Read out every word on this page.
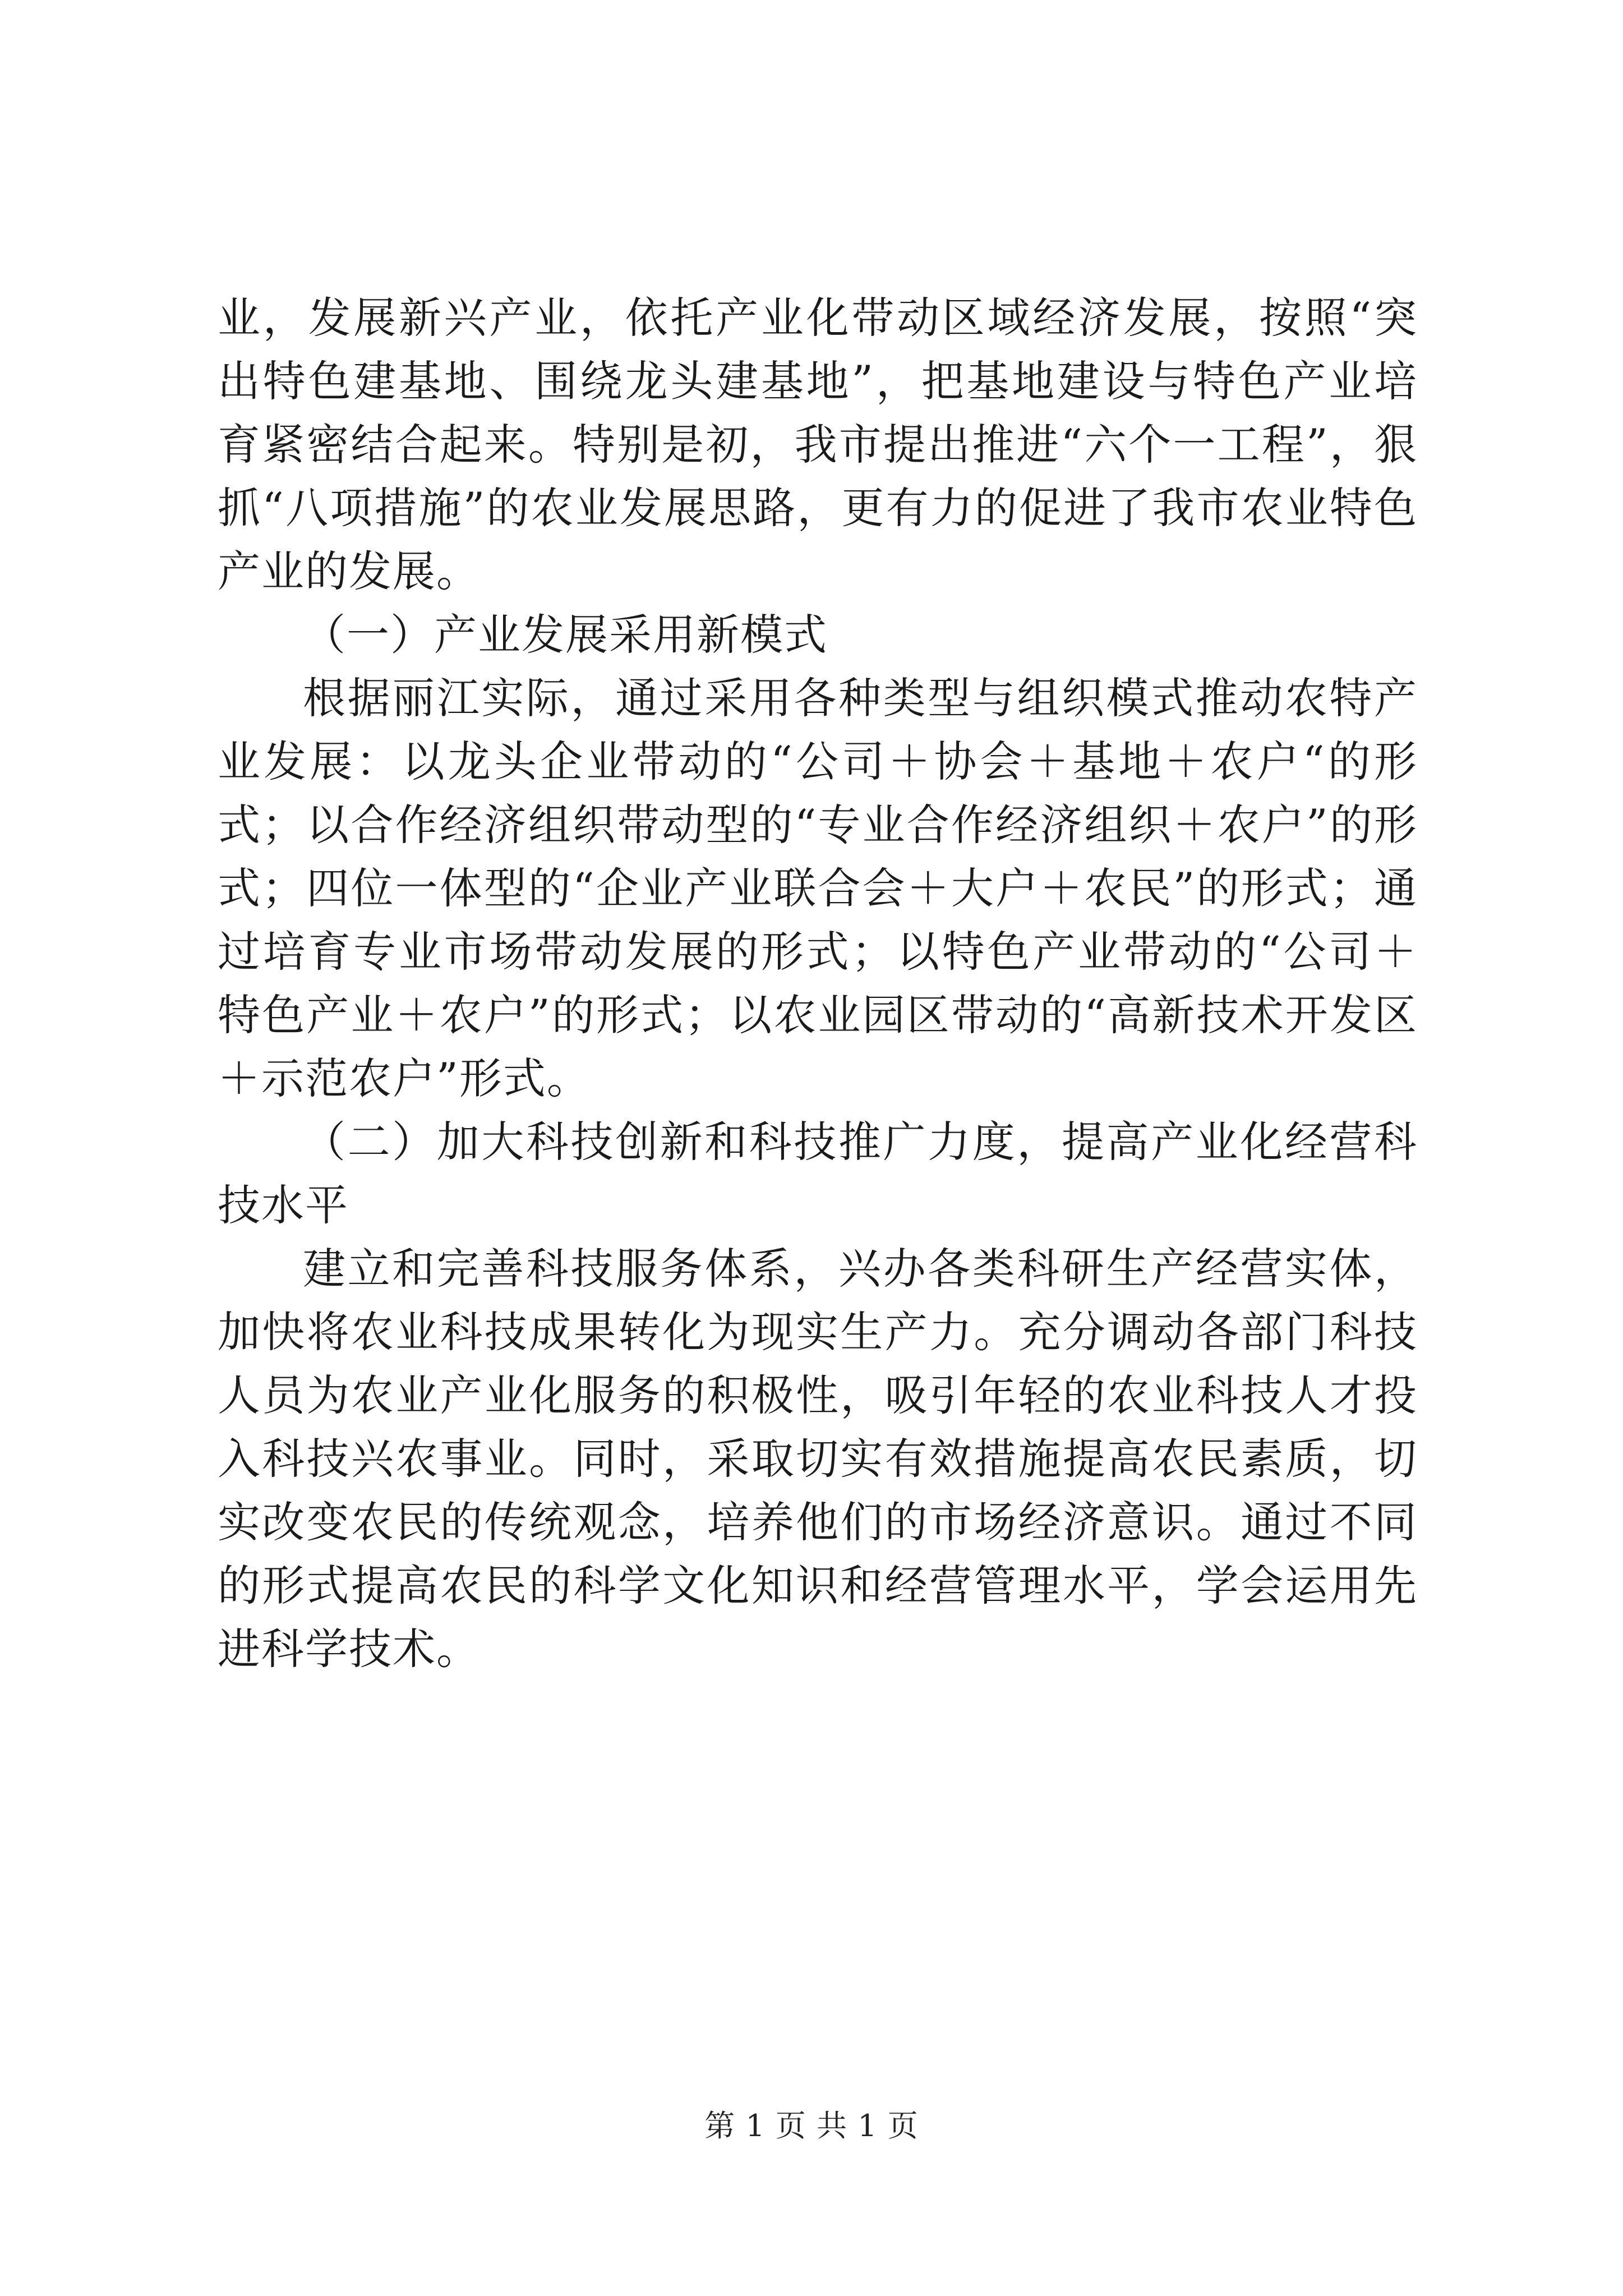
业，发展新兴产业，依托产业化带动区域经济发展，按照“突出特色建基地、围绕龙头建基地”，把基地建设与特色产业培育紧密结合起来。特别是初，我市提出推进“六个一工程”，狠抓“八项措施”的农业发展思路，更有力的促进了我市农业特色产业的发展。

（一）产业发展采用新模式

根据丽江实际，通过采用各种类型与组织模式推动农特产业发展：以龙头企业带动的“公司＋协会＋基地＋农户“的形式；以合作经济组织带动型的“专业合作经济组织＋农户”的形式；四位一体型的“企业产业联合会＋大户＋农民”的形式；通过培育专业市场带动发展的形式；以特色产业带动的“公司＋特色产业＋农户”的形式；以农业园区带动的“高新技术开发区＋示范农户”形式。

（二）加大科技创新和科技推广力度，提高产业化经营科技水平

建立和完善科技服务体系，兴办各类科研生产经营实体，加快将农业科技成果转化为现实生产力。充分调动各部门科技人员为农业产业化服务的积极性，吸引年轻的农业科技人才投入科技兴农事业。同时，采取切实有效措施提高农民素质，切实改变农民的传统观念，培养他们的市场经济意识。通过不同的形式提高农民的科学文化知识和经营管理水平，学会运用先进科学技术。

第 1 页 共 1 页
